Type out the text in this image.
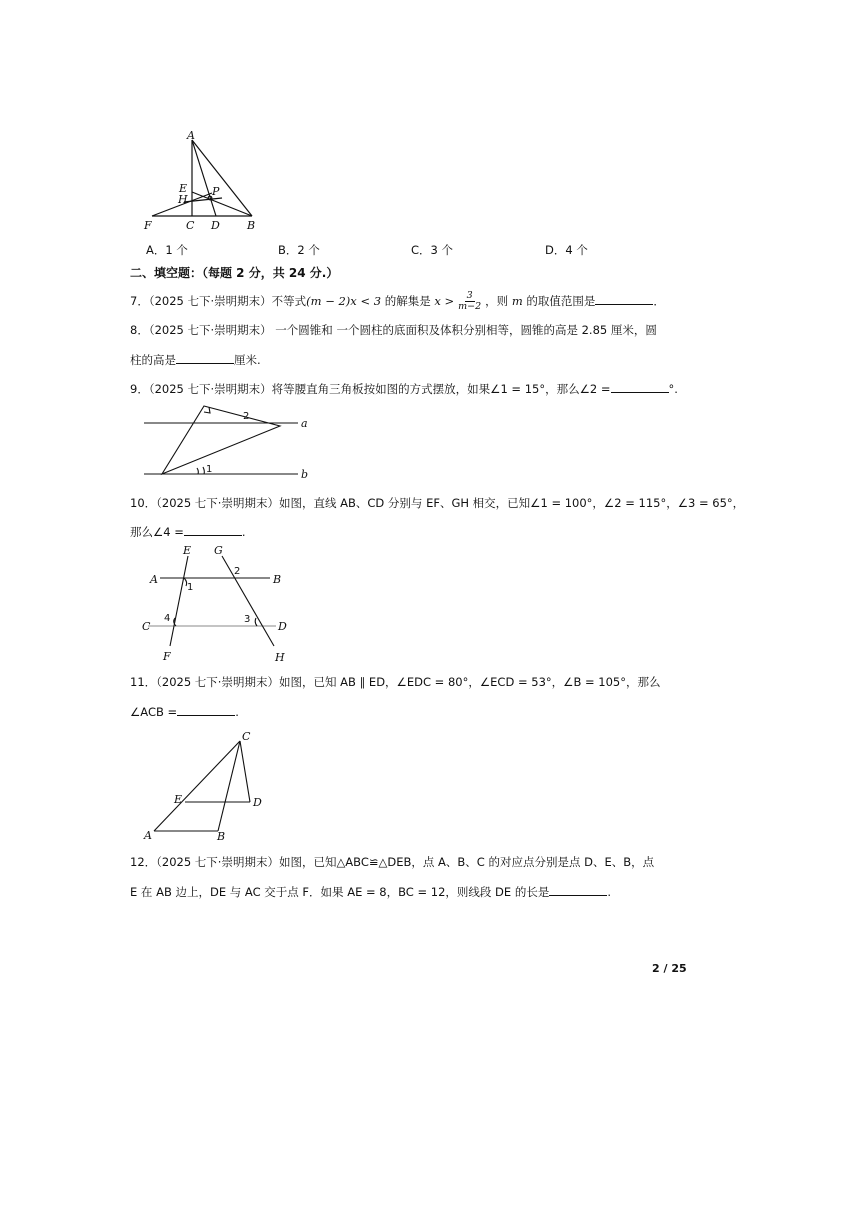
A
E
H
P
F	C D B
A．1 个	B．2 个	C．3 个	D．4 个
二、填空题：（每题 2 分，共 24 分.）
7．（2025 七下·崇明期末）不等式(m − 2)x < 3 的解集是 $x > \frac{3}{m-2}$ ，则 m 的取值范围是	．
8．（2025 七下·崇明期末） 一个圆锥和 一个圆柱的底面积及体积分别相等，圆锥的高是 2.85 厘米，圆
柱的高是	厘米.
9．（2025 七下·崇明期末）将等腰直角三角板按如图的方式摆放，如果∠1 = 15°，那么∠2 =	°.
a
b
2
1
10．（2025 七下·崇明期末）如图，直线 AB、CD 分别与 EF、GH 相交，已知∠1 = 100°，∠2 = 115°，∠3 = 65°，
那么∠4 =	.
E G
A	B
C	D
F	H
1
2
3
4
11．（2025 七下·崇明期末）如图，已知 AB ∥ ED，∠EDC = 80°，∠ECD = 53°，∠B = 105°，那么
∠ACB =	.
C
E	D
A	B
12．（2025 七下·崇明期末）如图，已知△ABC≌△DEB，点 A、B、C 的对应点分别是点 D、E、B，点
E 在 AB 边上，DE 与 AC 交于点 F．如果 AE = 8，BC = 12，则线段 DE 的长是	.
2 / 25
